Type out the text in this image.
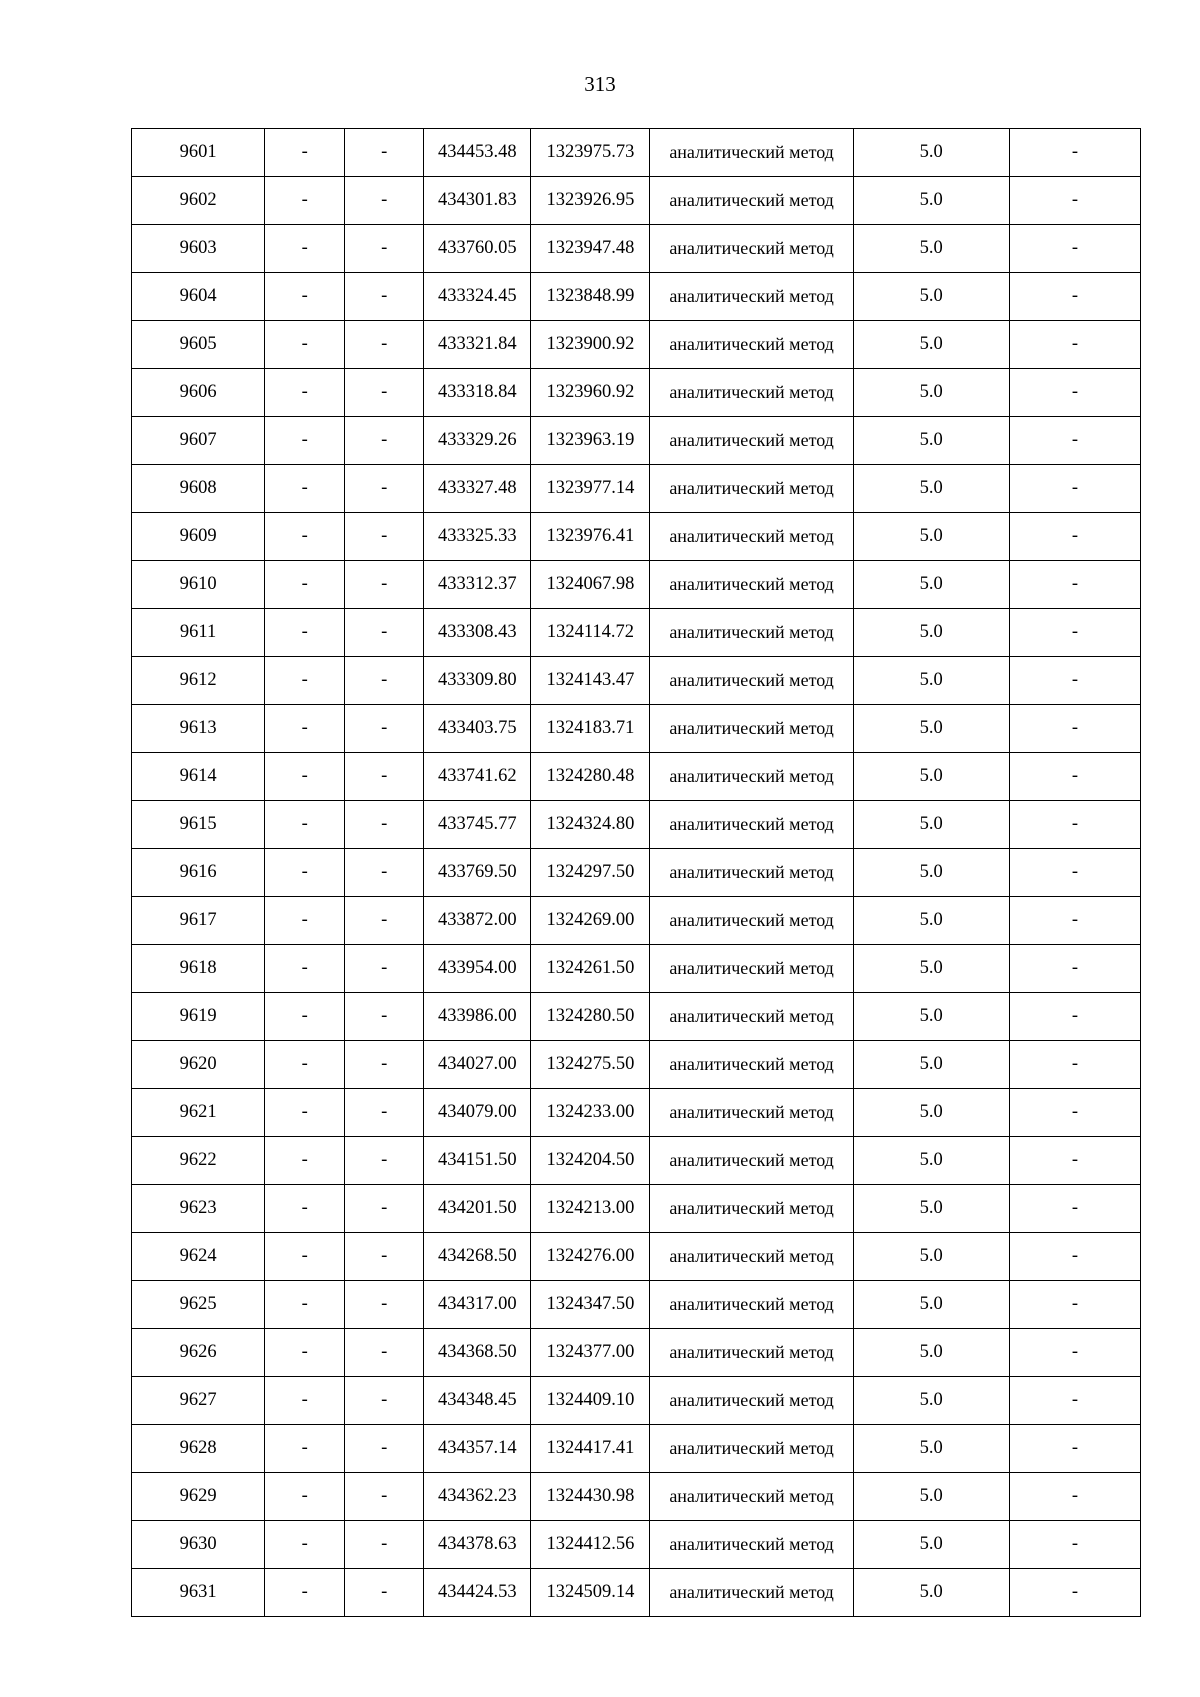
313
9601	-	-	434453.48	1323975.73	аналитический метод	5.0	-
9602	-	-	434301.83	1323926.95	аналитический метод	5.0	-
9603	-	-	433760.05	1323947.48	аналитический метод	5.0	-
9604	-	-	433324.45	1323848.99	аналитический метод	5.0	-
9605	-	-	433321.84	1323900.92	аналитический метод	5.0	-
9606	-	-	433318.84	1323960.92	аналитический метод	5.0	-
9607	-	-	433329.26	1323963.19	аналитический метод	5.0	-
9608	-	-	433327.48	1323977.14	аналитический метод	5.0	-
9609	-	-	433325.33	1323976.41	аналитический метод	5.0	-
9610	-	-	433312.37	1324067.98	аналитический метод	5.0	-
9611	-	-	433308.43	1324114.72	аналитический метод	5.0	-
9612	-	-	433309.80	1324143.47	аналитический метод	5.0	-
9613	-	-	433403.75	1324183.71	аналитический метод	5.0	-
9614	-	-	433741.62	1324280.48	аналитический метод	5.0	-
9615	-	-	433745.77	1324324.80	аналитический метод	5.0	-
9616	-	-	433769.50	1324297.50	аналитический метод	5.0	-
9617	-	-	433872.00	1324269.00	аналитический метод	5.0	-
9618	-	-	433954.00	1324261.50	аналитический метод	5.0	-
9619	-	-	433986.00	1324280.50	аналитический метод	5.0	-
9620	-	-	434027.00	1324275.50	аналитический метод	5.0	-
9621	-	-	434079.00	1324233.00	аналитический метод	5.0	-
9622	-	-	434151.50	1324204.50	аналитический метод	5.0	-
9623	-	-	434201.50	1324213.00	аналитический метод	5.0	-
9624	-	-	434268.50	1324276.00	аналитический метод	5.0	-
9625	-	-	434317.00	1324347.50	аналитический метод	5.0	-
9626	-	-	434368.50	1324377.00	аналитический метод	5.0	-
9627	-	-	434348.45	1324409.10	аналитический метод	5.0	-
9628	-	-	434357.14	1324417.41	аналитический метод	5.0	-
9629	-	-	434362.23	1324430.98	аналитический метод	5.0	-
9630	-	-	434378.63	1324412.56	аналитический метод	5.0	-
9631	-	-	434424.53	1324509.14	аналитический метод	5.0	-
